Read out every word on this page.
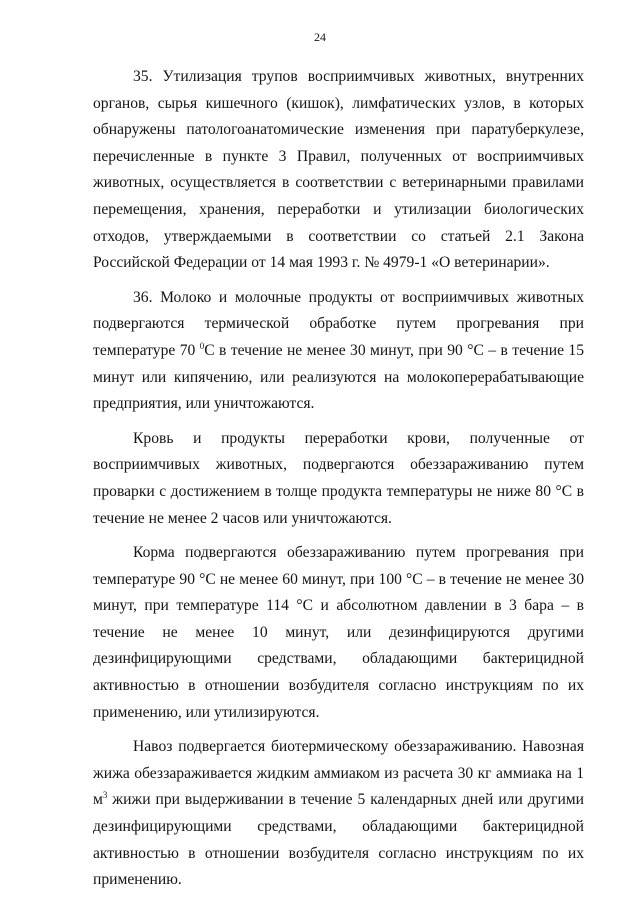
24

35. Утилизация трупов восприимчивых животных, внутренних органов, сырья кишечного (кишок), лимфатических узлов, в которых обнаружены патологоанатомические изменения при паратуберкулезе, перечисленные в пункте 3 Правил, полученных от восприимчивых животных, осуществляется в соответствии с ветеринарными правилами перемещения, хранения, переработки и утилизации биологических отходов, утверждаемыми в соответствии со статьей 2.1 Закона Российской Федерации от 14 мая 1993 г. № 4979-1 «О ветеринарии».

36. Молоко и молочные продукты от восприимчивых животных подвергаются термической обработке путем прогревания при температуре 70 $^0$С в течение не менее 30 минут, при 90 °С – в течение 15 минут или кипячению, или реализуются на молокоперерабатывающие предприятия, или уничтожаются.

Кровь и продукты переработки крови, полученные от восприимчивых животных, подвергаются обеззараживанию путем проварки с достижением в толще продукта температуры не ниже 80 °С в течение не менее 2 часов или уничтожаются.

Корма подвергаются обеззараживанию путем прогревания при температуре 90 °С не менее 60 минут, при 100 °С – в течение не менее 30 минут, при температуре 114 °С и абсолютном давлении в 3 бара – в течение не менее 10 минут, или дезинфицируются другими дезинфицирующими средствами, обладающими бактерицидной активностью в отношении возбудителя согласно инструкциям по их применению, или утилизируются.

Навоз подвергается биотермическому обеззараживанию. Навозная жижа обеззараживается жидким аммиаком из расчета 30 кг аммиака на 1 $м^3$ жижи при выдерживании в течение 5 календарных дней или другими дезинфицирующими средствами, обладающими бактерицидной активностью в отношении возбудителя согласно инструкциям по их применению.
